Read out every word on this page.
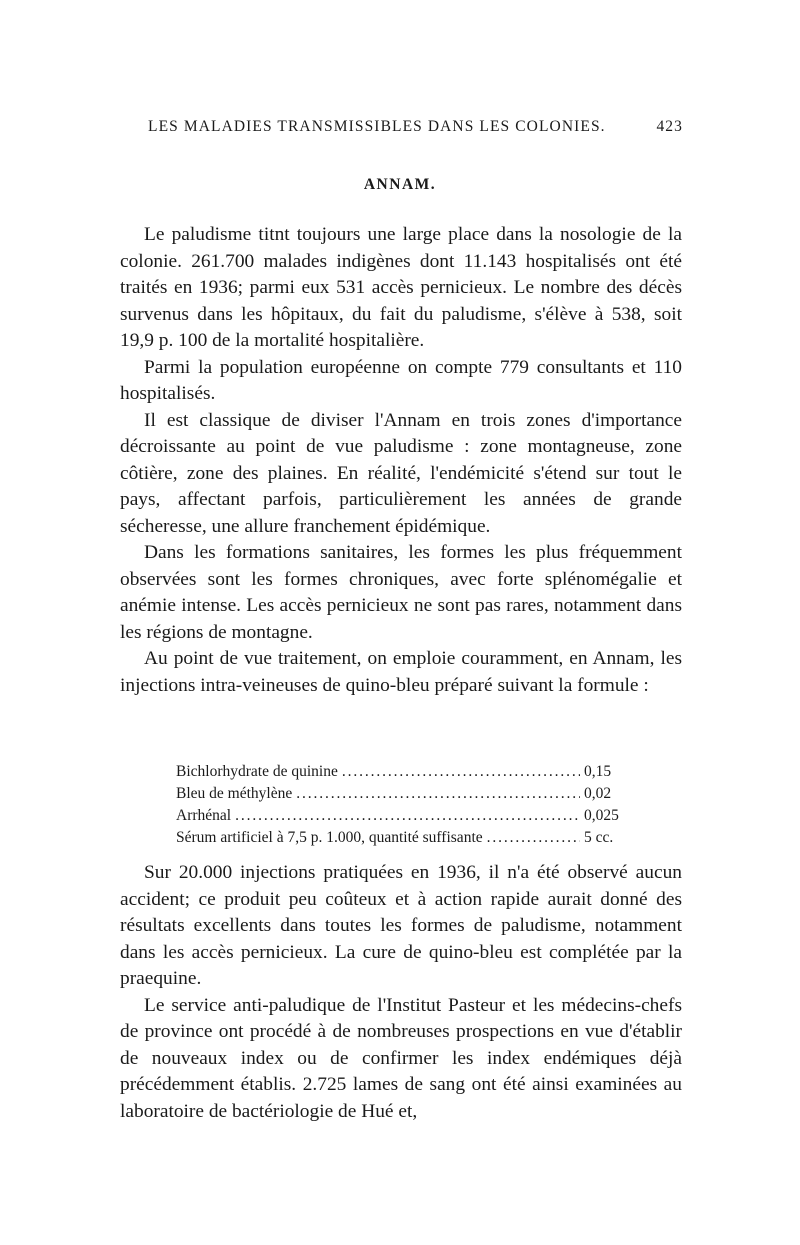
LES MALADIES TRANSMISSIBLES DANS LES COLONIES.	423
ANNAM.

Le paludisme titnt toujours une large place dans la nosologie de la colonie. 261.700 malades indigènes dont 11.143 hospitalisés ont été traités en 1936; parmi eux 531 accès pernicieux. Le nombre des décès survenus dans les hôpitaux, du fait du paludisme, s'élève à 538, soit 19,9 p. 100 de la mortalité hospitalière.

Parmi la population européenne on compte 779 consultants et 110 hospitalisés.

Il est classique de diviser l'Annam en trois zones d'importance décroissante au point de vue paludisme : zone montagneuse, zone côtière, zone des plaines. En réalité, l'endémicité s'étend sur tout le pays, affectant parfois, particulièrement les années de grande sécheresse, une allure franchement épidémique.

Dans les formations sanitaires, les formes les plus fréquemment observées sont les formes chroniques, avec forte splénomégalie et anémie intense. Les accès pernicieux ne sont pas rares, notamment dans les régions de montagne.

Au point de vue traitement, on emploie couramment, en Annam, les injections intra-veineuses de quino-bleu préparé suivant la formule :

Bichlorhydrate de quinine . . .	0,15
Bleu de méthylène . . .	0,02
Arrhénal . . .	0,025
Sérum artificiel à 7,5 p. 1.000, quantité suffisante . . .	5 cc.

Sur 20.000 injections pratiquées en 1936, il n'a été observé aucun accident; ce produit peu coûteux et à action rapide aurait donné des résultats excellents dans toutes les formes de paludisme, notamment dans les accès pernicieux. La cure de quino-bleu est complétée par la praequine.

Le service anti-paludique de l'Institut Pasteur et les médecins-chefs de province ont procédé à de nombreuses prospections en vue d'établir de nouveaux index ou de confirmer les index endémiques déjà précédemment établis. 2.725 lames de sang ont été ainsi examinées au laboratoire de bactériologie de Hué et,
